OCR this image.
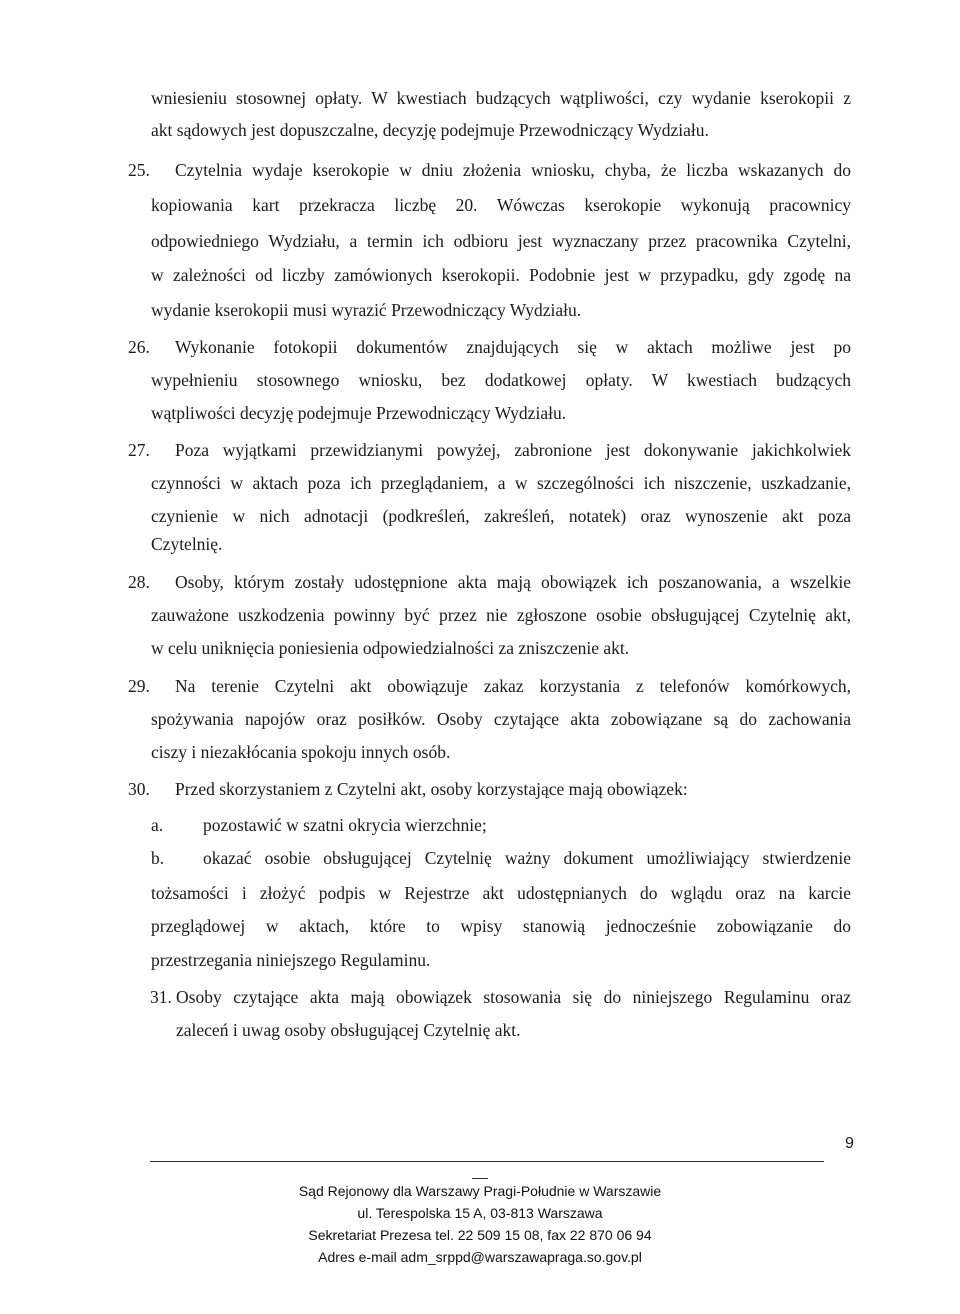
wniesieniu stosownej opłaty. W kwestiach budzących wątpliwości, czy wydanie kserokopii z
akt sądowych jest dopuszczalne, decyzję podejmuje Przewodniczący Wydziału.
25. Czytelnia wydaje kserokopie w dniu złożenia wniosku, chyba, że liczba wskazanych do
kopiowania kart przekracza liczbę 20. Wówczas kserokopie wykonują pracownicy
odpowiedniego Wydziału, a termin ich odbioru jest wyznaczany przez pracownika Czytelni,
w zależności od liczby zamówionych kserokopii. Podobnie jest w przypadku, gdy zgodę na
wydanie kserokopii musi wyrazić Przewodniczący Wydziału.
26. Wykonanie fotokopii dokumentów znajdujących się w aktach możliwe jest po
wypełnieniu stosownego wniosku, bez dodatkowej opłaty. W kwestiach budzących
wątpliwości decyzję podejmuje Przewodniczący Wydziału.
27. Poza wyjątkami przewidzianymi powyżej, zabronione jest dokonywanie jakichkolwiek
czynności w aktach poza ich przeglądaniem, a w szczególności ich niszczenie, uszkadzanie,
czynienie w nich adnotacji (podkreśleń, zakreśleń, notatek) oraz wynoszenie akt poza
Czytelnię.
28. Osoby, którym zostały udostępnione akta mają obowiązek ich poszanowania, a wszelkie
zauważone uszkodzenia powinny być przez nie zgłoszone osobie obsługującej Czytelnię akt,
w celu uniknięcia poniesienia odpowiedzialności za zniszczenie akt.
29. Na terenie Czytelni akt obowiązuje zakaz korzystania z telefonów komórkowych,
spożywania napojów oraz posiłków. Osoby czytające akta zobowiązane są do zachowania
ciszy i niezakłócania spokoju innych osób.
30. Przed skorzystaniem z Czytelni akt, osoby korzystające mają obowiązek:
a. pozostawić w szatni okrycia wierzchnie;
b. okazać osobie obsługującej Czytelnię ważny dokument umożliwiający stwierdzenie
tożsamości i złożyć podpis w Rejestrze akt udostępnianych do wglądu oraz na karcie
przeglądowej w aktach, które to wpisy stanowią jednocześnie zobowiązanie do
przestrzegania niniejszego Regulaminu.
31. Osoby czytające akta mają obowiązek stosowania się do niniejszego Regulaminu oraz
zaleceń i uwag osoby obsługującej Czytelnię akt.
9
Sąd Rejonowy dla Warszawy Pragi-Południe w Warszawie
ul. Terespolska 15 A, 03-813 Warszawa
Sekretariat Prezesa tel. 22 509 15 08, fax 22 870 06 94
Adres e-mail adm_srppd@warszawapraga.so.gov.pl
